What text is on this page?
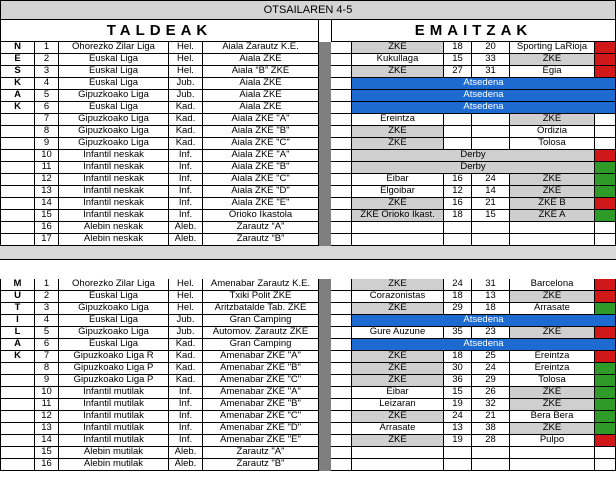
OTSAILAREN 4-5
TALDEAK	EMAITZAK
N	1	Ohorezko Zilar Liga	Hel.	Aiala Zarautz K.E.	ZKE	18	20	Sporting LaRioja
E	2	Euskal Liga	Hel.	Aiala ZKE	Kukullaga	15	33	ZKE
S	3	Euskal Liga	Hel.	Aiala “B” ZKE	ZKE	27	31	Egia
K	4	Euskal Liga	Jub.	Aiala ZKE	Atsedena
A	5	Gipuzkoako Liga	Jub.	Aiala ZKE	Atsedena
K	6	Euskal Liga	Kad.	Aiala ZKE	Atsedena
7	Gipuzkoako Liga	Kad.	Aiala ZKE "A"	Ereintza	ZKE
8	Gipuzkoako Liga	Kad.	Aiala ZKE "B"	ZKE	Ordizia
9	Gipuzkoako Liga	Kad.	Aiala ZKE "C"	ZKE	Tolosa
10	Infantil neskak	Inf.	Aiala ZKE "A"	Derby
11	Infantil neskak	Inf.	Aiala ZKE "B"	Derby
12	Infantil neskak	Inf.	Aiala ZKE "C"	Eibar	16	24	ZKE
13	Infantil neskak	Inf.	Aiala ZKE "D"	Elgoibar	12	14	ZKE
14	Infantil neskak	Inf.	Aiala ZKE "E"	ZKE	16	21	ZKE B
15	Infantil neskak	Inf.	Orioko Ikastola	ZKE Orioko Ikast.	18	15	ZKE A
16	Alebin neskak	Aleb.	Zarautz “A”
17	Alebin neskak	Aleb.	Zarautz “B”
M	1	Ohorezko Zilar Liga	Hel.	Amenabar Zarautz K.E.	ZKE	24	31	Barcelona
U	2	Euskal Liga	Hel.	Txiki Polit ZKE	Corazonistas	18	13	ZKE
T	3	Gipuzkoako Liga	Hel.	Aritzbatalde Tab. ZKE	ZKE	29	18	Arrasate
I	4	Euskal Liga	Jub.	Gran Camping	Atsedena
L	5	Gipuzkoako Liga	Jub.	Automov. Zarautz ZKE	Gure Auzune	35	23	ZKE
A	6	Euskal Liga	Kad.	Gran Camping	Atsedena
K	7	Gipuzkoako Liga R	Kad.	Amenabar ZKE "A"	ZKE	18	25	Ereintza
8	Gipuzkoako Liga P	Kad.	Amenabar ZKE "B"	ZKE	30	24	Ereintza
9	Gipuzkoako Liga P	Kad.	Amenabar ZKE "C"	ZKE	36	29	Tolosa
10	Infantil mutilak	Inf.	Amenabar ZKE "A"	Eibar	15	26	ZKE
11	Infantil mutilak	Inf.	Amenabar ZKE "B"	Leizaran	19	32	ZKE
12	Infantil mutilak	Inf.	Amenabar ZKE "C"	ZKE	24	21	Bera Bera
13	Infantil mutilak	Inf.	Amenabar ZKE "D"	Arrasate	13	38	ZKE
14	Infantil mutilak	Inf.	Amenabar ZKE "E"	ZKE	19	28	Pulpo
15	Alebin mutilak	Aleb.	Zarautz "A"
16	Alebin mutilak	Aleb.	Zarautz "B"
